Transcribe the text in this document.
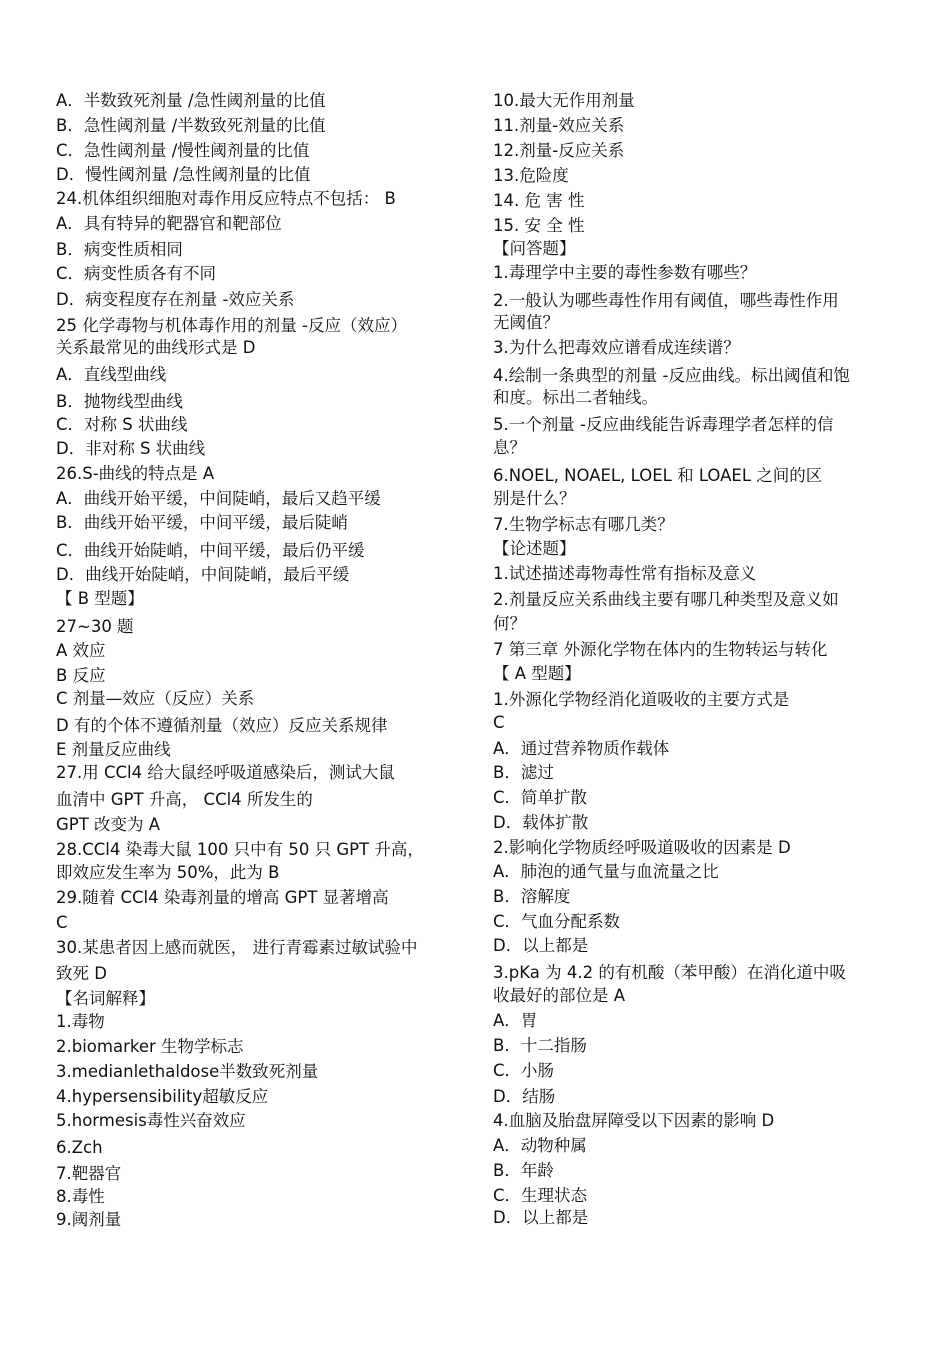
A．半数致死剂量 /急性阈剂量的比值
B．急性阈剂量 /半数致死剂量的比值
C．急性阈剂量 /慢性阈剂量的比值
D．慢性阈剂量 /急性阈剂量的比值
24.机体组织细胞对毒作用反应特点不包括： B
A．具有特异的靶器官和靶部位
B．病变性质相同
C．病变性质各有不同
D．病变程度存在剂量 -效应关系
25 化学毒物与机体毒作用的剂量 -反应（效应）
关系最常见的曲线形式是 D
A．直线型曲线
B．抛物线型曲线
C．对称 S 状曲线
D．非对称 S 状曲线
26.S-曲线的特点是 A
A．曲线开始平缓，中间陡峭，最后又趋平缓
B．曲线开始平缓，中间平缓，最后陡峭
C．曲线开始陡峭，中间平缓，最后仍平缓
D．曲线开始陡峭，中间陡峭，最后平缓
【 B 型题】
27~30 题
A 效应
B 反应
C 剂量—效应（反应）关系
D 有的个体不遵循剂量（效应）反应关系规律
E 剂量反应曲线
27.用 CCl4 给大鼠经呼吸道感染后，测试大鼠
血清中 GPT 升高， CCl4 所发生的
GPT 改变为 A
28.CCl4 染毒大鼠 100 只中有 50 只 GPT 升高，
即效应发生率为 50%，此为 B
29.随着 CCl4 染毒剂量的增高 GPT 显著增高
C
30.某患者因上感而就医， 进行青霉素过敏试验中
致死 D
【名词解释】
1.毒物
2.biomarker 生物学标志
3.medianlethaldose半数致死剂量
4.hypersensibility超敏反应
5.hormesis毒性兴奋效应
6.Zch
7.靶器官
8.毒性
9.阈剂量
10.最大无作用剂量
11.剂量-效应关系
12.剂量-反应关系
13.危险度
14. 危 害 性
15. 安 全 性
【问答题】
1.毒理学中主要的毒性参数有哪些？
2.一般认为哪些毒性作用有阈值，哪些毒性作用
无阈值？
3.为什么把毒效应谱看成连续谱？
4.绘制一条典型的剂量 -反应曲线。标出阈值和饱
和度。标出二者轴线。
5.一个剂量 -反应曲线能告诉毒理学者怎样的信
息？
6.NOEL, NOAEL, LOEL 和 LOAEL 之间的区
别是什么？
7.生物学标志有哪几类？
【论述题】
1.试述描述毒物毒性常有指标及意义
2.剂量反应关系曲线主要有哪几种类型及意义如
何？
7 第三章 外源化学物在体内的生物转运与转化
【 A 型题】
1.外源化学物经消化道吸收的主要方式是
C
A．通过营养物质作载体
B．滤过
C．简单扩散
D．载体扩散
2.影响化学物质经呼吸道吸收的因素是 D
A．肺泡的通气量与血流量之比
B．溶解度
C．气血分配系数
D．以上都是
3.pKa 为 4.2 的有机酸（苯甲酸）在消化道中吸
收最好的部位是 A
A．胃
B．十二指肠
C．小肠
D．结肠
4.血脑及胎盘屏障受以下因素的影响 D
A．动物种属
B．年龄
C．生理状态
D．以上都是
